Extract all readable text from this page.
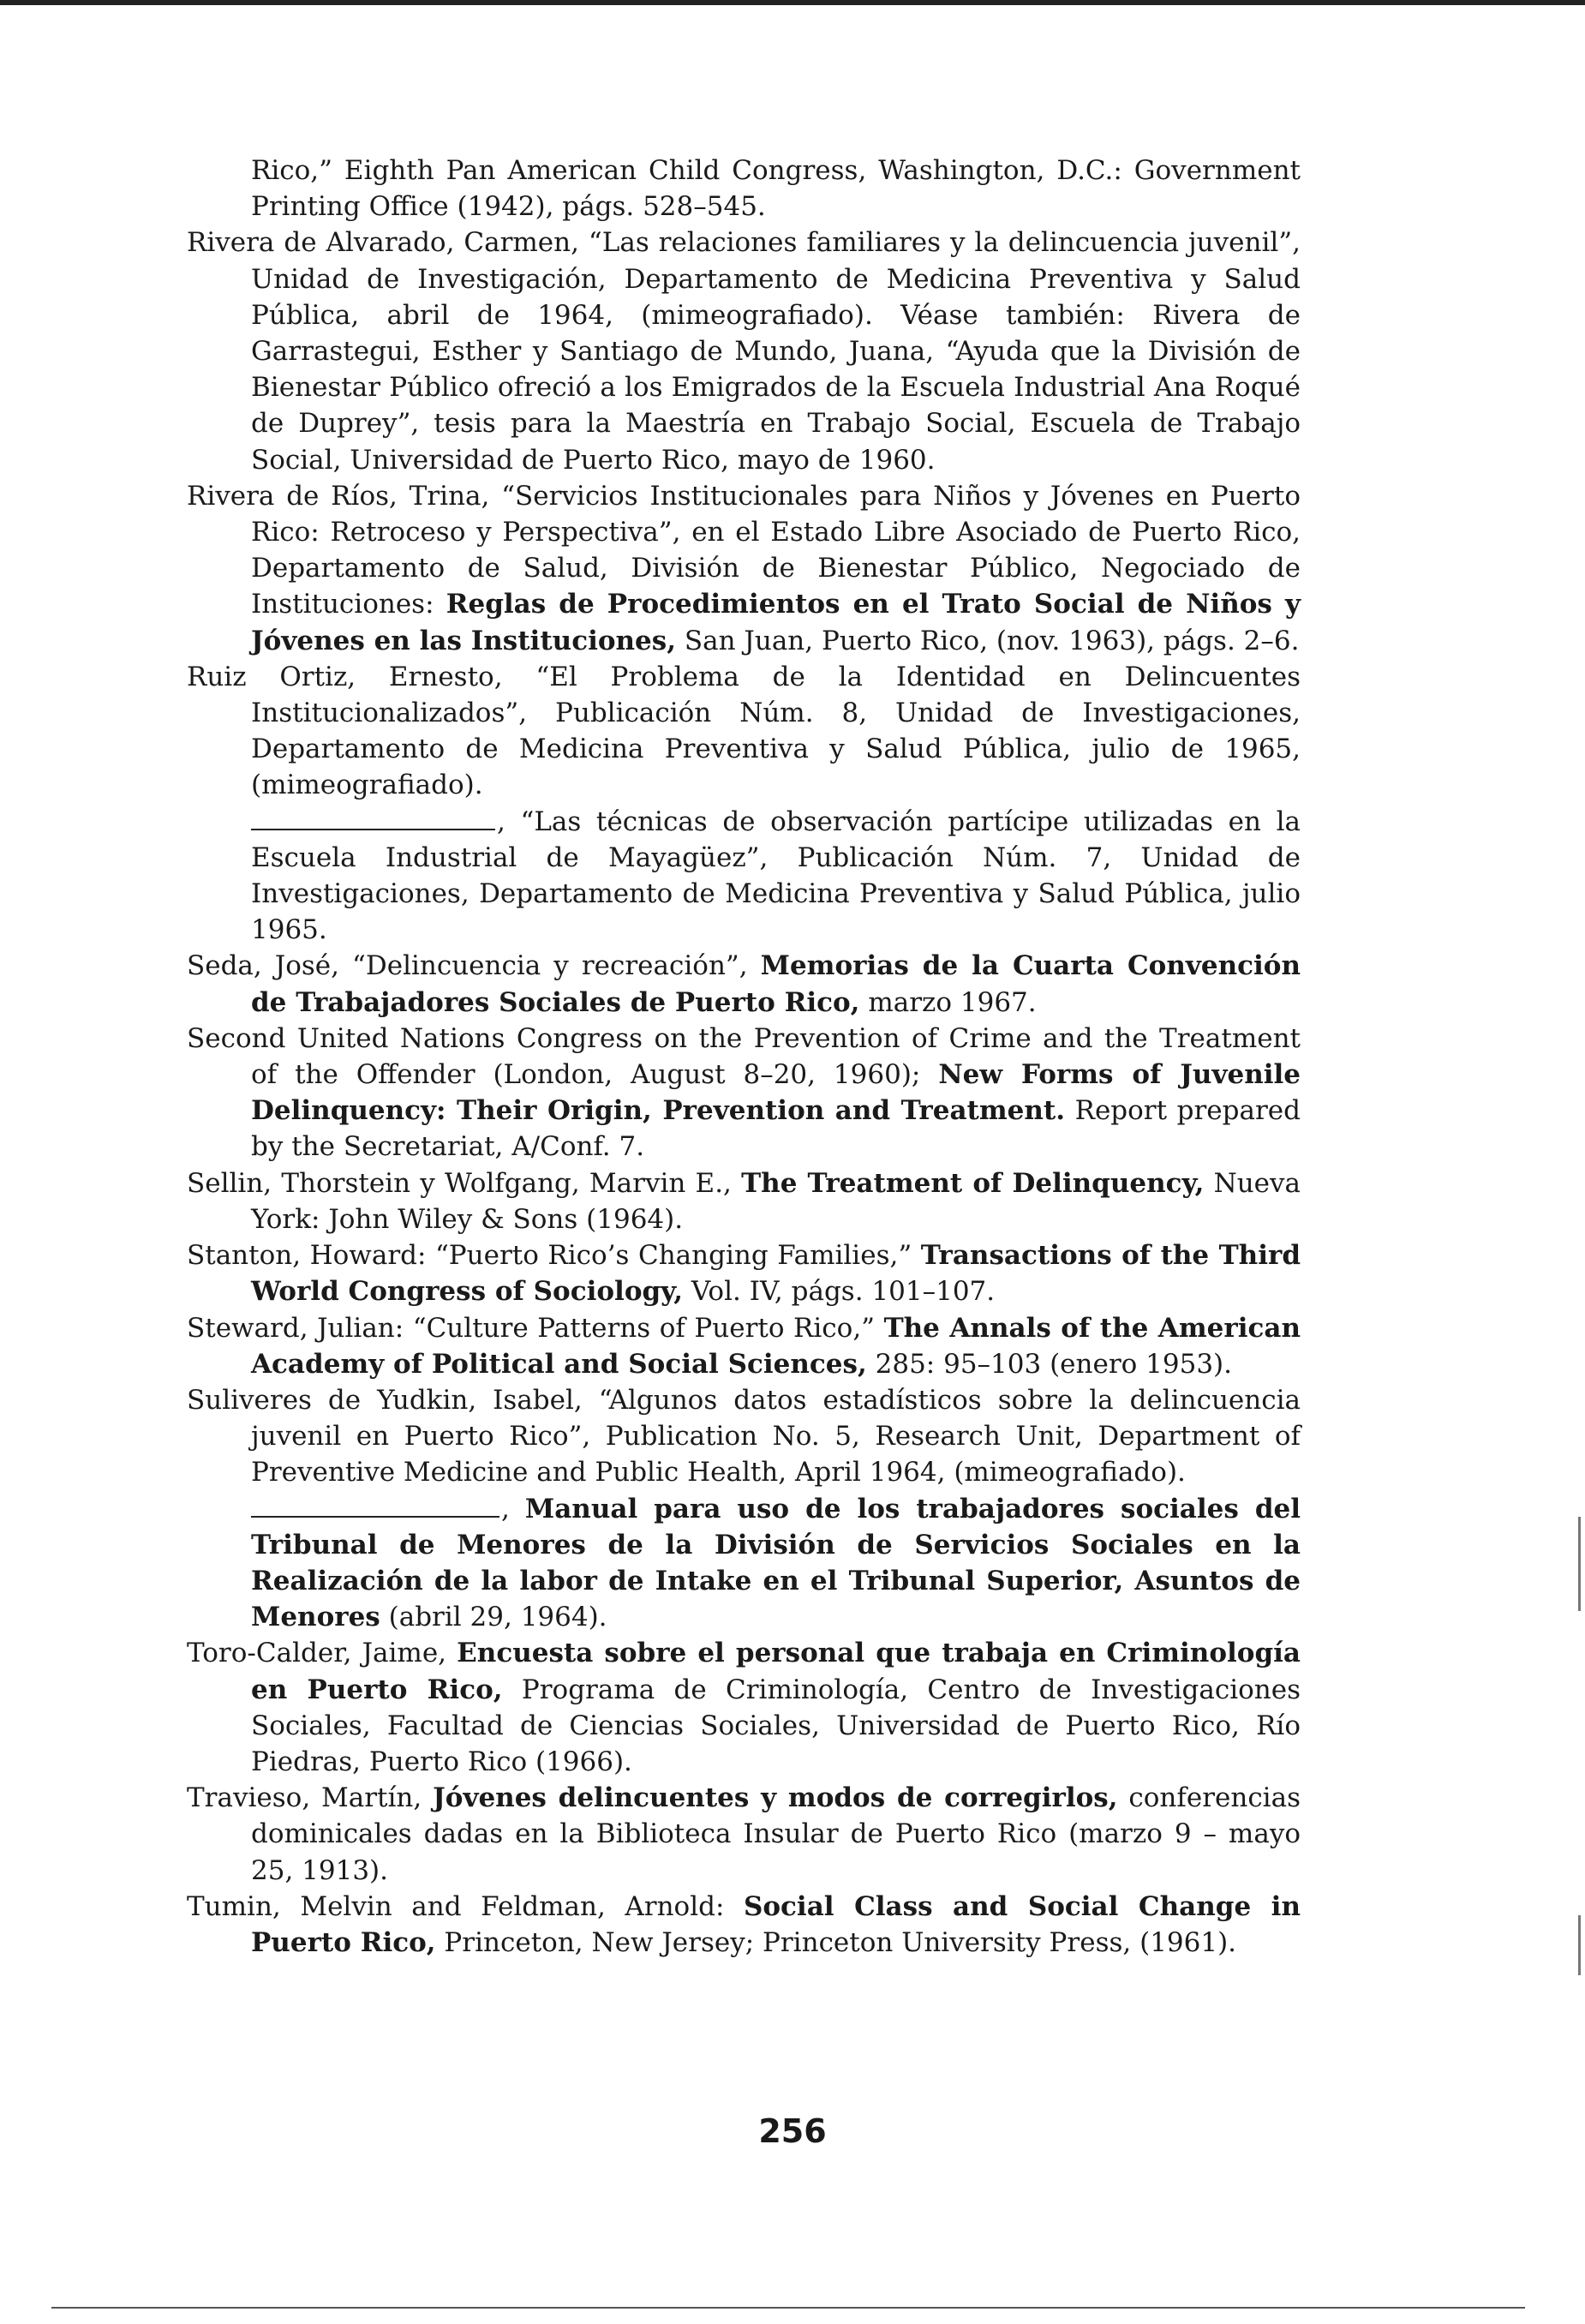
Rico,” Eighth Pan American Child Congress, Washington, D.C.: Government Printing Office (1942), págs. 528–545.

Rivera de Alvarado, Carmen, “Las relaciones familiares y la delincuencia juvenil”, Unidad de Investigación, Departamento de Medicina Preventiva y Salud Pública, abril de 1964, (mimeografiado). Véase también: Rivera de Garrastegui, Esther y Santiago de Mundo, Juana, “Ayuda que la División de Bienestar Público ofreció a los Emigrados de la Escuela Industrial Ana Roqué de Duprey”, tesis para la Maestría en Trabajo Social, Escuela de Trabajo Social, Universidad de Puerto Rico, mayo de 1960.

Rivera de Ríos, Trina, “Servicios Institucionales para Niños y Jóvenes en Puerto Rico: Retroceso y Perspectiva”, en el Estado Libre Asociado de Puerto Rico, Departamento de Salud, División de Bienestar Público, Negociado de Instituciones: Reglas de Procedimientos en el Trato Social de Niños y Jóvenes en las Instituciones, San Juan, Puerto Rico, (nov. 1963), págs. 2–6.

Ruiz Ortiz, Ernesto, “El Problema de la Identidad en Delincuentes Institucionalizados”, Publicación Núm. 8, Unidad de Investigaciones, Departamento de Medicina Preventiva y Salud Pública, julio de 1965, (mimeografiado).

, “Las técnicas de observación partícipe utilizadas en la Escuela Industrial de Mayagüez”, Publicación Núm. 7, Unidad de Investigaciones, Departamento de Medicina Preventiva y Salud Pública, julio 1965.

Seda, José, “Delincuencia y recreación”, Memorias de la Cuarta Convención de Trabajadores Sociales de Puerto Rico, marzo 1967.

Second United Nations Congress on the Prevention of Crime and the Treatment of the Offender (London, August 8–20, 1960); New Forms of Juvenile Delinquency: Their Origin, Prevention and Treatment. Report prepared by the Secretariat, A/Conf. 7.

Sellin, Thorstein y Wolfgang, Marvin E., The Treatment of Delinquency, Nueva York: John Wiley & Sons (1964).

Stanton, Howard: “Puerto Rico’s Changing Families,” Transactions of the Third World Congress of Sociology, Vol. IV, págs. 101–107.

Steward, Julian: “Culture Patterns of Puerto Rico,” The Annals of the American Academy of Political and Social Sciences, 285: 95–103 (enero 1953).

Suliveres de Yudkin, Isabel, “Algunos datos estadísticos sobre la delincuencia juvenil en Puerto Rico”, Publication No. 5, Research Unit, Department of Preventive Medicine and Public Health, April 1964, (mimeografiado).

, Manual para uso de los trabajadores sociales del Tribunal de Menores de la División de Servicios Sociales en la Realización de la labor de Intake en el Tribunal Superior, Asuntos de Menores (abril 29, 1964).

Toro-Calder, Jaime, Encuesta sobre el personal que trabaja en Criminología en Puerto Rico, Programa de Criminología, Centro de Investigaciones Sociales, Facultad de Ciencias Sociales, Universidad de Puerto Rico, Río Piedras, Puerto Rico (1966).

Travieso, Martín, Jóvenes delincuentes y modos de corregirlos, conferencias dominicales dadas en la Biblioteca Insular de Puerto Rico (marzo 9 – mayo 25, 1913).

Tumin, Melvin and Feldman, Arnold: Social Class and Social Change in Puerto Rico, Princeton, New Jersey; Princeton University Press, (1961).

256
